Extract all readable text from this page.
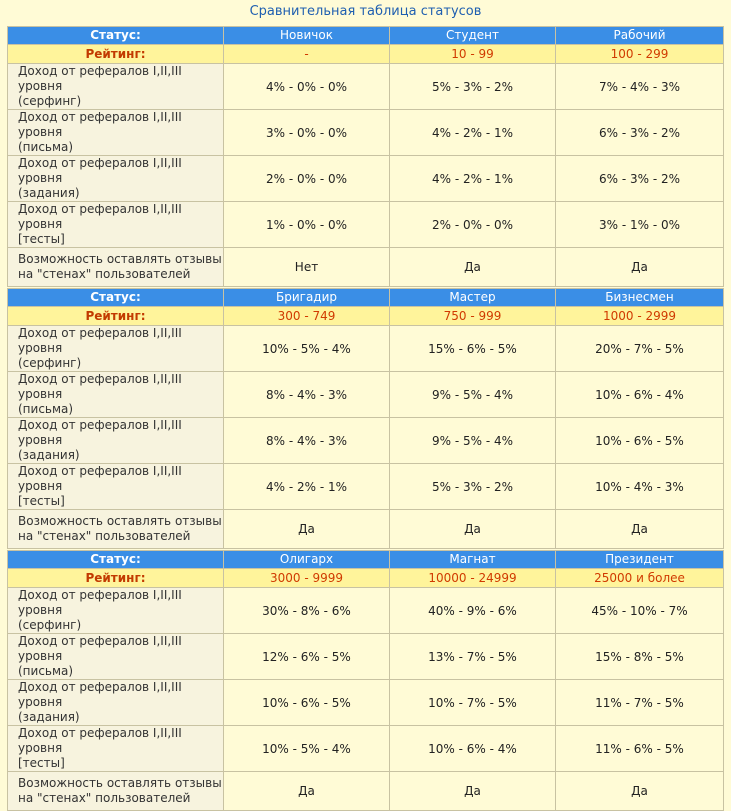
Сравнительная таблица статусов
Статус:	Новичок	Студент	Рабочий
Рейтинг:	-	10 - 99	100 - 299
Доход от рефералов I,II,III уровня
(серфинг)	4% - 0% - 0%	5% - 3% - 2%	7% - 4% - 3%
Доход от рефералов I,II,III уровня
(письма)	3% - 0% - 0%	4% - 2% - 1%	6% - 3% - 2%
Доход от рефералов I,II,III уровня
(задания)	2% - 0% - 0%	4% - 2% - 1%	6% - 3% - 2%
Доход от рефералов I,II,III уровня
[тесты]	1% - 0% - 0%	2% - 0% - 0%	3% - 1% - 0%
Возможность оставлять отзывы
на "стенах" пользователей	Нет	Да	Да
Статус:	Бригадир	Мастер	Бизнесмен
Рейтинг:	300 - 749	750 - 999	1000 - 2999
Доход от рефералов I,II,III уровня
(серфинг)	10% - 5% - 4%	15% - 6% - 5%	20% - 7% - 5%
Доход от рефералов I,II,III уровня
(письма)	8% - 4% - 3%	9% - 5% - 4%	10% - 6% - 4%
Доход от рефералов I,II,III уровня
(задания)	8% - 4% - 3%	9% - 5% - 4%	10% - 6% - 5%
Доход от рефералов I,II,III уровня
[тесты]	4% - 2% - 1%	5% - 3% - 2%	10% - 4% - 3%
Возможность оставлять отзывы
на "стенах" пользователей	Да	Да	Да
Статус:	Олигарх	Магнат	Президент
Рейтинг:	3000 - 9999	10000 - 24999	25000 и более
Доход от рефералов I,II,III уровня
(серфинг)	30% - 8% - 6%	40% - 9% - 6%	45% - 10% - 7%
Доход от рефералов I,II,III уровня
(письма)	12% - 6% - 5%	13% - 7% - 5%	15% - 8% - 5%
Доход от рефералов I,II,III уровня
(задания)	10% - 6% - 5%	10% - 7% - 5%	11% - 7% - 5%
Доход от рефералов I,II,III уровня
[тесты]	10% - 5% - 4%	10% - 6% - 4%	11% - 6% - 5%
Возможность оставлять отзывы
на "стенах" пользователей	Да	Да	Да
